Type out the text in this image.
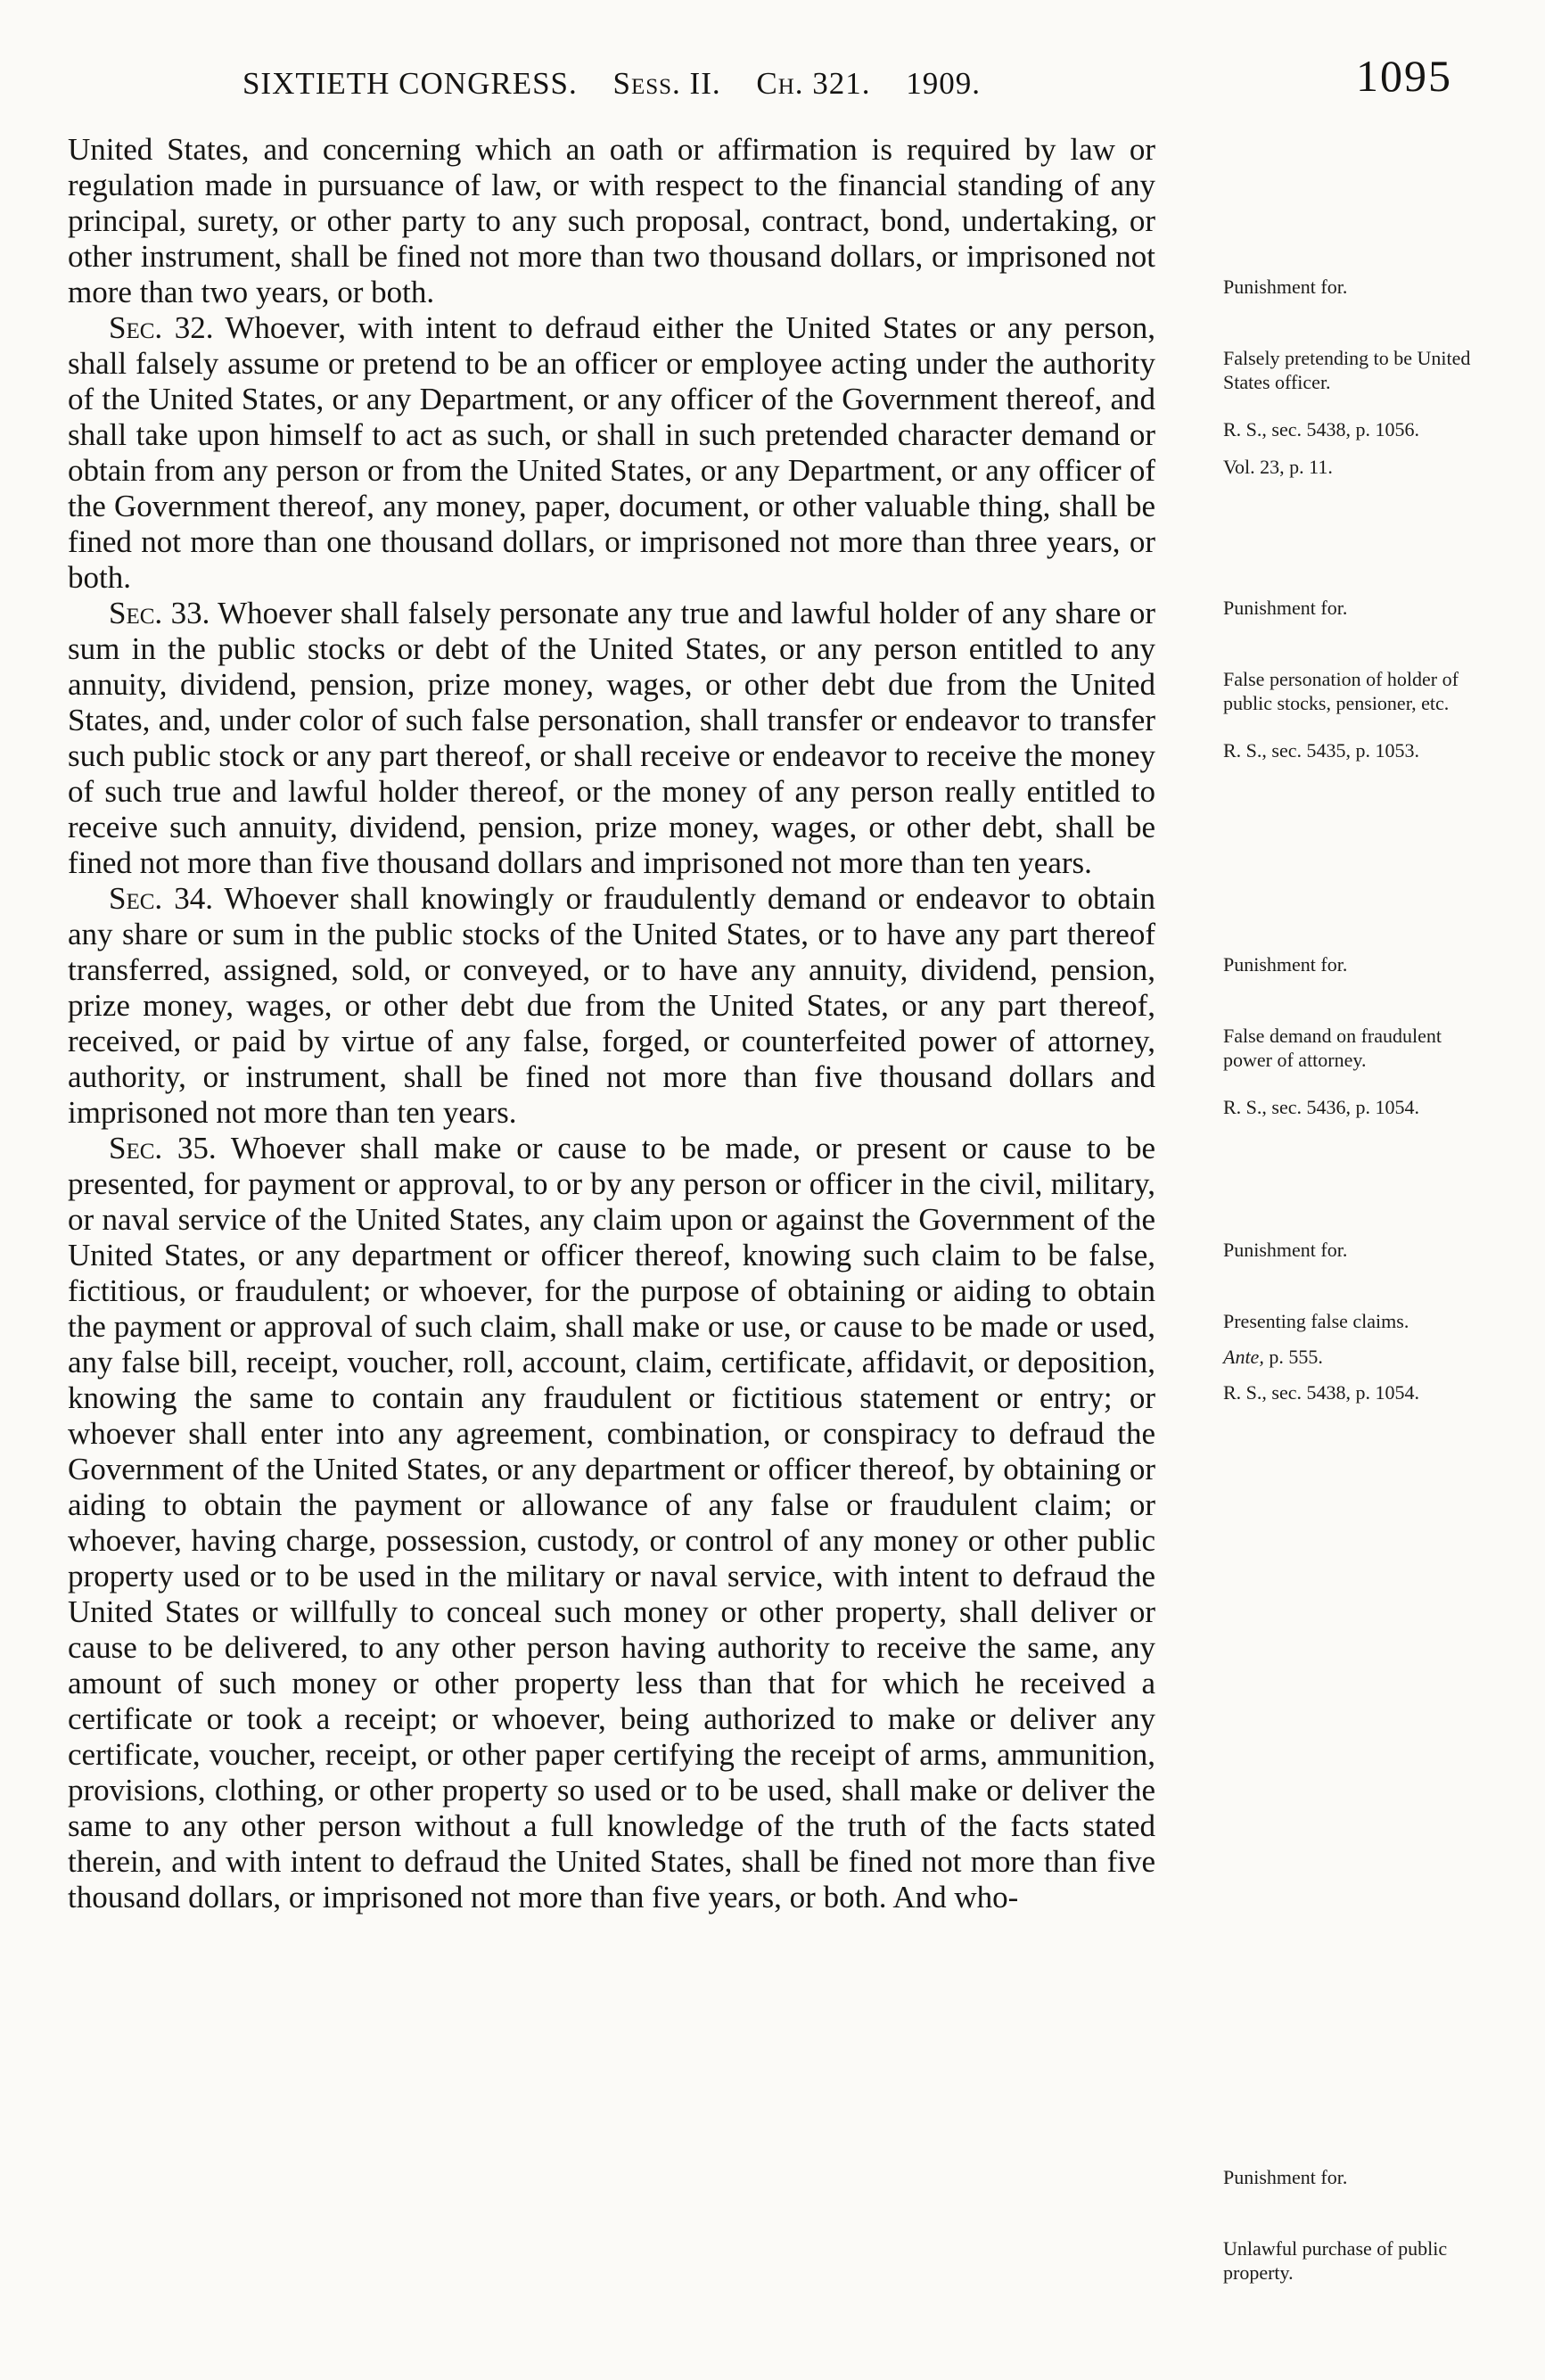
SIXTIETH CONGRESS. Sess. II. Ch. 321. 1909.	1095

United States, and concerning which an oath or affirmation is required by law or regulation made in pursuance of law, or with respect to the financial standing of any principal, surety, or other party to any such proposal, contract, bond, undertaking, or other instrument, shall be fined not more than two thousand dollars, or imprisoned not more than two years, or both.

Sec. 32. Whoever, with intent to defraud either the United States or any person, shall falsely assume or pretend to be an officer or employee acting under the authority of the United States, or any Department, or any officer of the Government thereof, and shall take upon himself to act as such, or shall in such pretended character demand or obtain from any person or from the United States, or any Department, or any officer of the Government thereof, any money, paper, document, or other valuable thing, shall be fined not more than one thousand dollars, or imprisoned not more than three years, or both.

Sec. 33. Whoever shall falsely personate any true and lawful holder of any share or sum in the public stocks or debt of the United States, or any person entitled to any annuity, dividend, pension, prize money, wages, or other debt due from the United States, and, under color of such false personation, shall transfer or endeavor to transfer such public stock or any part thereof, or shall receive or endeavor to receive the money of such true and lawful holder thereof, or the money of any person really entitled to receive such annuity, dividend, pension, prize money, wages, or other debt, shall be fined not more than five thousand dollars and imprisoned not more than ten years.

Sec. 34. Whoever shall knowingly or fraudulently demand or endeavor to obtain any share or sum in the public stocks of the United States, or to have any part thereof transferred, assigned, sold, or conveyed, or to have any annuity, dividend, pension, prize money, wages, or other debt due from the United States, or any part thereof, received, or paid by virtue of any false, forged, or counterfeited power of attorney, authority, or instrument, shall be fined not more than five thousand dollars and imprisoned not more than ten years.

Sec. 35. Whoever shall make or cause to be made, or present or cause to be presented, for payment or approval, to or by any person or officer in the civil, military, or naval service of the United States, any claim upon or against the Government of the United States, or any department or officer thereof, knowing such claim to be false, fictitious, or fraudulent; or whoever, for the purpose of obtaining or aiding to obtain the payment or approval of such claim, shall make or use, or cause to be made or used, any false bill, receipt, voucher, roll, account, claim, certificate, affidavit, or deposition, knowing the same to contain any fraudulent or fictitious statement or entry; or whoever shall enter into any agreement, combination, or conspiracy to defraud the Government of the United States, or any department or officer thereof, by obtaining or aiding to obtain the payment or allowance of any false or fraudulent claim; or whoever, having charge, possession, custody, or control of any money or other public property used or to be used in the military or naval service, with intent to defraud the United States or willfully to conceal such money or other property, shall deliver or cause to be delivered, to any other person having authority to receive the same, any amount of such money or other property less than that for which he received a certificate or took a receipt; or whoever, being authorized to make or deliver any certificate, voucher, receipt, or other paper certifying the receipt of arms, ammunition, provisions, clothing, or other property so used or to be used, shall make or deliver the same to any other person without a full knowledge of the truth of the facts stated therein, and with intent to defraud the United States, shall be fined not more than five thousand dollars, or imprisoned not more than five years, or both. And who-

Punishment for.
Falsely pretending to be United States officer.
R. S., sec. 5438, p. 1056.
Vol. 23, p. 11.
Punishment for.
False personation of holder of public stocks, pensioner, etc.
R. S., sec. 5435, p. 1053.
Punishment for.
False demand on fraudulent power of attorney.
R. S., sec. 5436, p. 1054.
Punishment for.
Presenting false claims.
Ante, p. 555.
R. S., sec. 5438, p. 1054.
Punishment for.
Unlawful purchase of public property.
